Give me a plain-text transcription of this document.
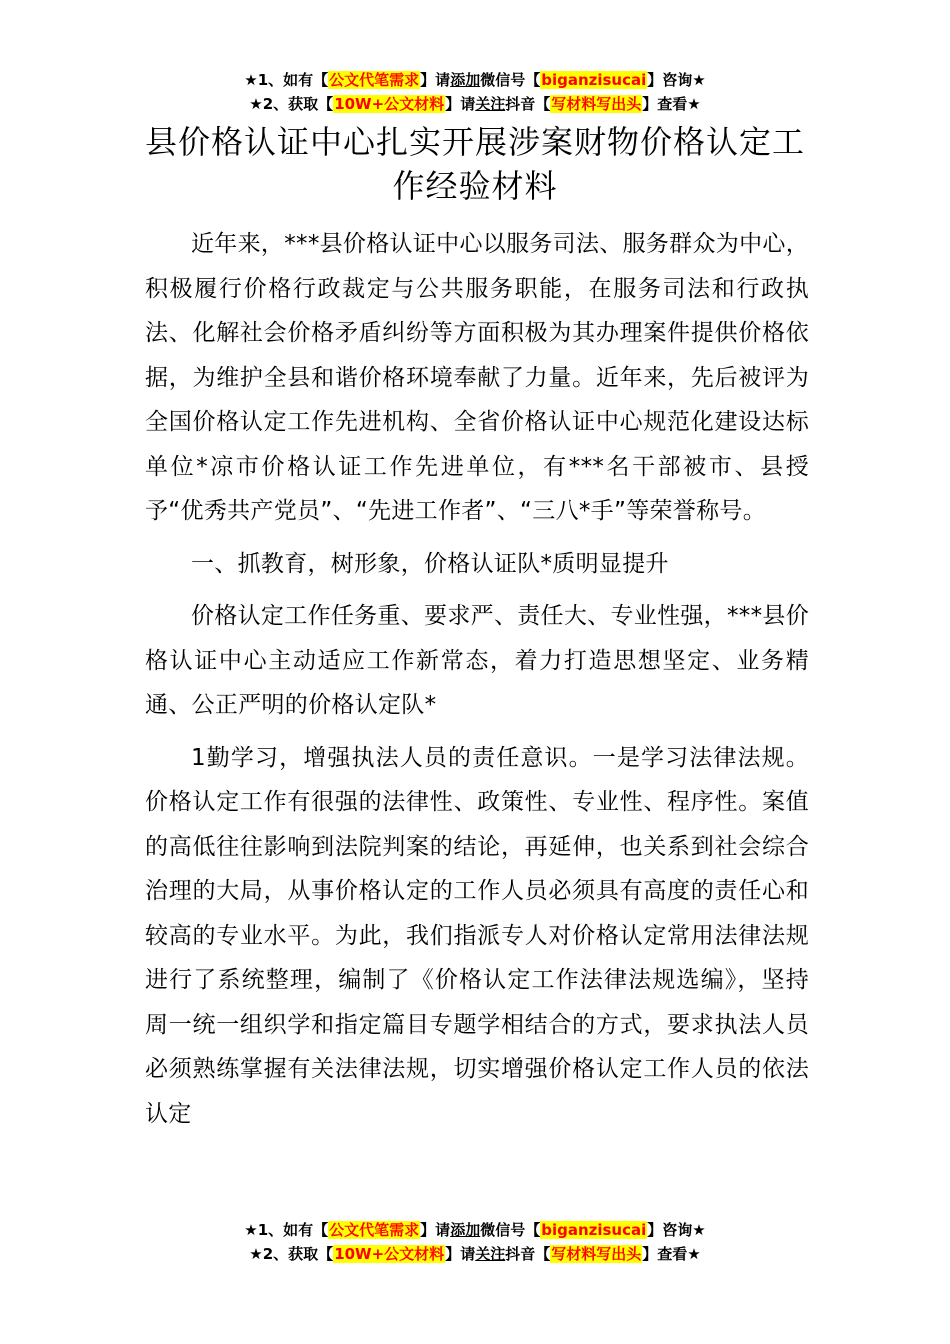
★1、如有【公文代笔需求】请添加微信号【biganzisucai】咨询★
★2、获取【10W+公文材料】请关注抖音【写材料写出头】查看★
县价格认证中心扎实开展涉案财物价格认定工作经验材料

近年来，***县价格认证中心以服务司法、服务群众为中心，积极履行价格行政裁定与公共服务职能，在服务司法和行政执法、化解社会价格矛盾纠纷等方面积极为其办理案件提供价格依据，为维护全县和谐价格环境奉献了力量。近年来，先后被评为全国价格认定工作先进机构、全省价格认证中心规范化建设达标单位*凉市价格认证工作先进单位，有***名干部被市、县授予“优秀共产党员”、“先进工作者”、“三八*手”等荣誉称号。

一、抓教育，树形象，价格认证队*质明显提升

价格认定工作任务重、要求严、责任大、专业性强，***县价格认证中心主动适应工作新常态，着力打造思想坚定、业务精通、公正严明的价格认定队*

1勤学习，增强执法人员的责任意识。一是学习法律法规。价格认定工作有很强的法律性、政策性、专业性、程序性。案值的高低往往影响到法院判案的结论，再延伸，也关系到社会综合治理的大局，从事价格认定的工作人员必须具有高度的责任心和较高的专业水平。为此，我们指派专人对价格认定常用法律法规进行了系统整理，编制了《价格认定工作法律法规选编》，坚持周一统一组织学和指定篇目专题学相结合的方式，要求执法人员必须熟练掌握有关法律法规，切实增强价格认定工作人员的依法认定

★1、如有【公文代笔需求】请添加微信号【biganzisucai】咨询★
★2、获取【10W+公文材料】请关注抖音【写材料写出头】查看★
